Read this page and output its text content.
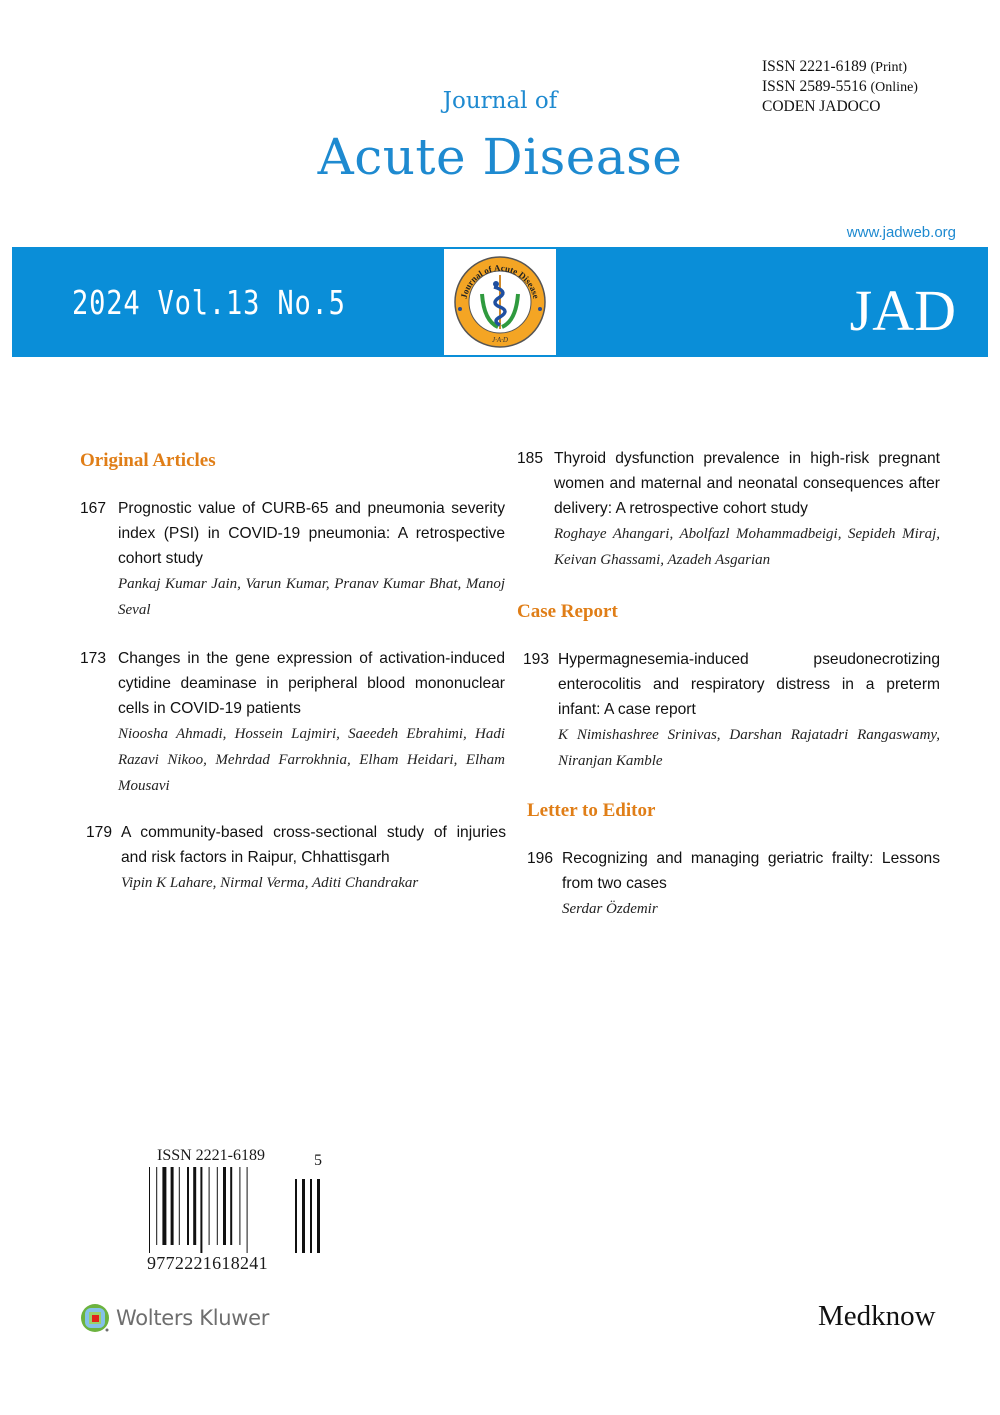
ISSN 2221-6189 (Print)
ISSN 2589-5516 (Online)
CODEN JADOCO
Journal of
Acute Disease
www.jadweb.org
2024 Vol.13 No.5	JAD
Journal of Acute Disease
J·A·D
Original Articles
167 Prognostic value of CURB-65 and pneumonia severity index (PSI) in COVID-19 pneumonia: A retrospective cohort study
Pankaj Kumar Jain, Varun Kumar, Pranav Kumar Bhat, Manoj Seval
173 Changes in the gene expression of activation-induced cytidine deaminase in peripheral blood mononuclear cells in COVID-19 patients
Nioosha Ahmadi, Hossein Lajmiri, Saeedeh Ebrahimi, Hadi Razavi Nikoo, Mehrdad Farrokhnia, Elham Heidari, Elham Mousavi
179 A community-based cross-sectional study of injuries and risk factors in Raipur, Chhattisgarh
Vipin K Lahare, Nirmal Verma, Aditi Chandrakar
185 Thyroid dysfunction prevalence in high-risk pregnant women and maternal and neonatal consequences after delivery: A retrospective cohort study
Roghaye Ahangari, Abolfazl Mohammadbeigi, Sepideh Miraj, Keivan Ghassami, Azadeh Asgarian
Case Report
193 Hypermagnesemia-induced pseudonecrotizing enterocolitis and respiratory distress in a preterm infant: A case report
K Nimishashree Srinivas, Darshan Rajatadri Rangaswamy, Niranjan Kamble
Letter to Editor
196 Recognizing and managing geriatric frailty: Lessons from two cases
Serdar Özdemir
ISSN 2221-6189	5
9772221618241
Wolters Kluwer	Medknow
